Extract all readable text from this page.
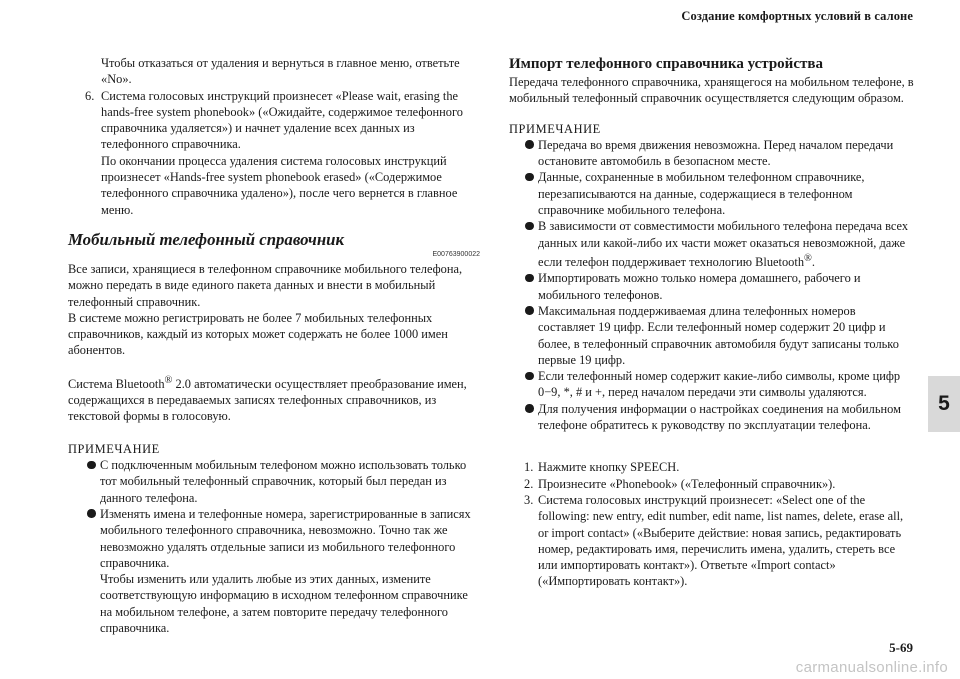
Создание комфортных условий в салоне
5

Чтобы отказаться от удаления и вернуться в главное меню, ответьте «No».

6. Система голосовых инструкций произнесет «Please wait, erasing the hands-free system phonebook» («Ожидайте, содержимое телефонного справочника удаляется») и начнет удаление всех данных из телефонного справочника.

По окончании процесса удаления система голосовых инструкций произнесет «Hands-free system phonebook erased» («Содержимое телефонного справочника удалено»), после чего вернется в главное меню.

Мобильный телефонный справочник
E00763900022

Все записи, хранящиеся в телефонном справочнике мобильного телефона, можно передать в виде единого пакета данных и внести в мобильный телефонный справочник.

В системе можно регистрировать не более 7 мобильных телефонных справочников, каждый из которых может содержать не более 1000 имен абонентов.

Система Bluetooth® 2.0 автоматически осуществляет преобразование имен, содержащихся в передаваемых записях телефонных справочников, из текстовой формы в голосовую.

ПРИМЕЧАНИЕ

С подключенным мобильным телефоном можно использовать только тот мобильный телефонный справочник, который был передан из данного телефона.

Изменять имена и телефонные номера, зарегистрированные в записях мобильного телефонного справочника, невозможно. Точно так же невозможно удалять отдельные записи из мобильного телефонного справочника.

Чтобы изменить или удалить любые из этих данных, измените соответствующую информацию в исходном телефонном справочнике на мобильном телефоне, а затем повторите передачу телефонного справочника.

Импорт телефонного справочника устройства

Передача телефонного справочника, хранящегося на мобильном телефоне, в мобильный телефонный справочник осуществляется следующим образом.

ПРИМЕЧАНИЕ

Передача во время движения невозможна. Перед началом передачи остановите автомобиль в безопасном месте.

Данные, сохраненные в мобильном телефонном справочнике, перезаписываются на данные, содержащиеся в телефонном справочнике мобильного телефона.

В зависимости от совместимости мобильного телефона передача всех данных или какой-либо их части может оказаться невозможной, даже если телефон поддерживает технологию Bluetooth®.

Импортировать можно только номера домашнего, рабочего и мобильного телефонов.

Максимальная поддерживаемая длина телефонных номеров составляет 19 цифр. Если телефонный номер содержит 20 цифр и более, в телефонный справочник автомобиля будут записаны только первые 19 цифр.

Если телефонный номер содержит какие-либо символы, кроме цифр 0−9, *, # и +, перед началом передачи эти символы удаляются.

Для получения информации о настройках соединения на мобильном телефоне обратитесь к руководству по эксплуатации телефона.

1. Нажмите кнопку SPEECH.

2. Произнесите «Phonebook» («Телефонный справочник»).

3. Система голосовых инструкций произнесет: «Select one of the following: new entry, edit number, edit name, list names, delete, erase all, or import contact» («Выберите действие: новая запись, редактировать номер, редактировать имя, перечислить имена, удалить, стереть все или импортировать контакт»). Ответьте «Import contact» («Импортировать контакт»).

5-69
carmanualsonline.info
